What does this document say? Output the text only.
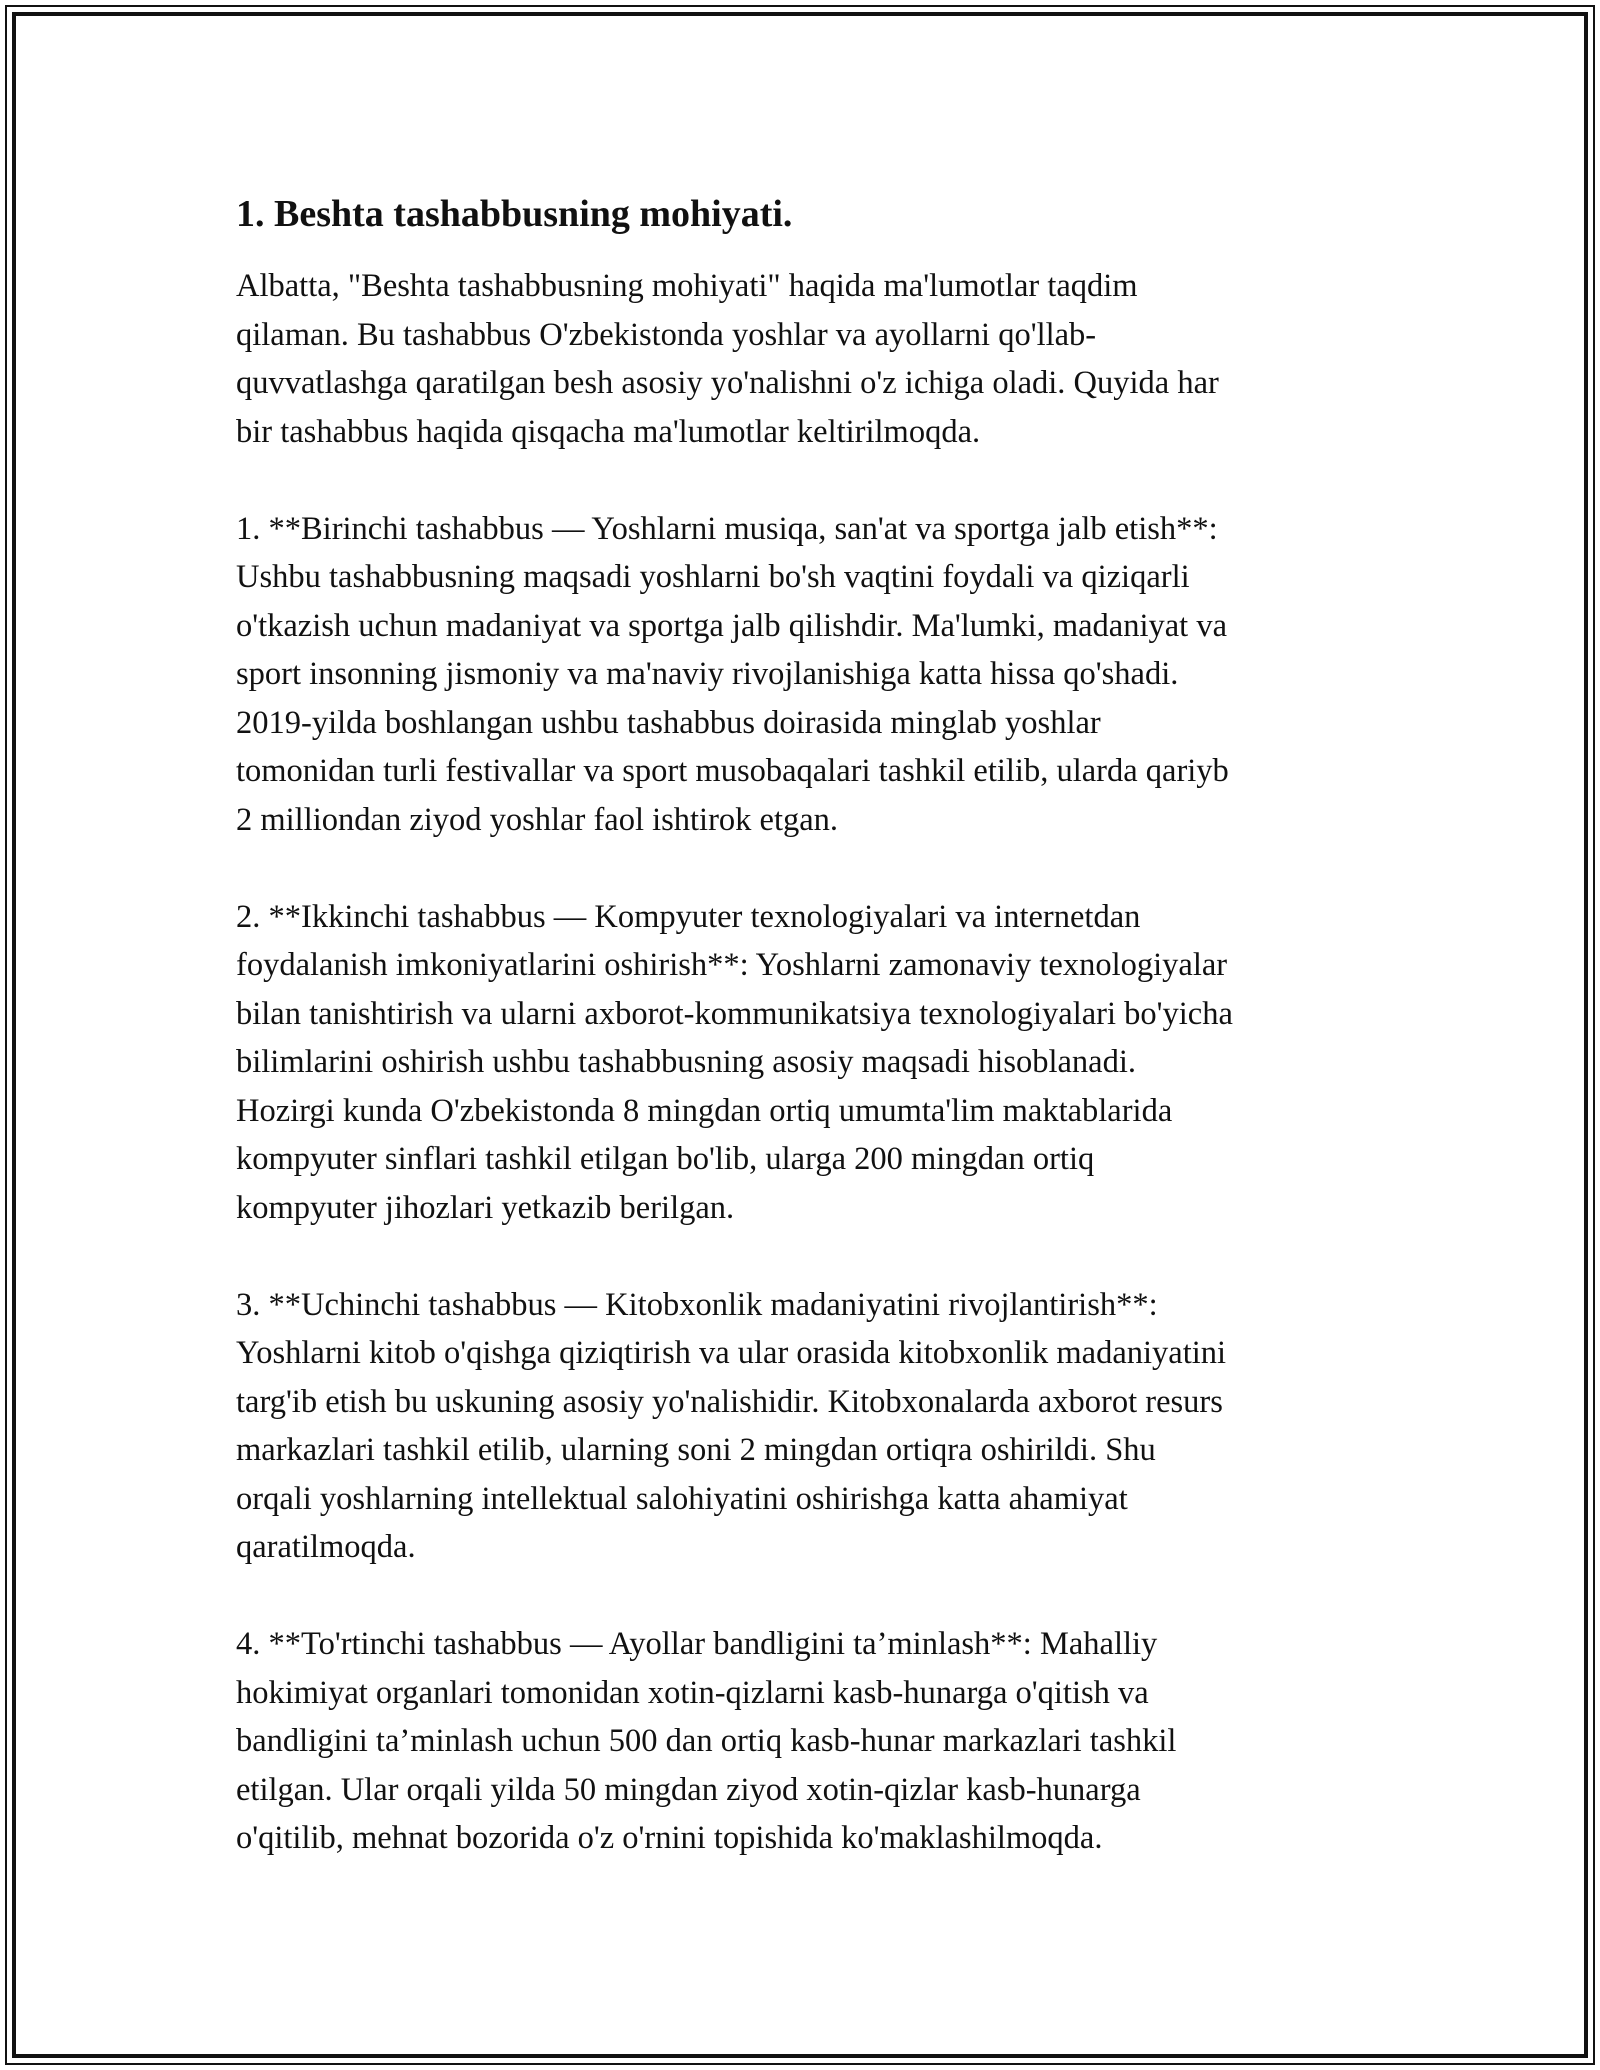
1. Beshta tashabbusning mohiyati.

Albatta, "Beshta tashabbusning mohiyati" haqida ma'lumotlar taqdim
qilaman. Bu tashabbus O'zbekistonda yoshlar va ayollarni qo'llab-
quvvatlashga qaratilgan besh asosiy yo'nalishni o'z ichiga oladi. Quyida har
bir tashabbus haqida qisqacha ma'lumotlar keltirilmoqda.

1. **Birinchi tashabbus — Yoshlarni musiqa, san'at va sportga jalb etish**:
Ushbu tashabbusning maqsadi yoshlarni bo'sh vaqtini foydali va qiziqarli
o'tkazish uchun madaniyat va sportga jalb qilishdir. Ma'lumki, madaniyat va
sport insonning jismoniy va ma'naviy rivojlanishiga katta hissa qo'shadi.
2019-yilda boshlangan ushbu tashabbus doirasida minglab yoshlar
tomonidan turli festivallar va sport musobaqalari tashkil etilib, ularda qariyb
2 milliondan ziyod yoshlar faol ishtirok etgan.

2. **Ikkinchi tashabbus — Kompyuter texnologiyalari va internetdan
foydalanish imkoniyatlarini oshirish**: Yoshlarni zamonaviy texnologiyalar
bilan tanishtirish va ularni axborot-kommunikatsiya texnologiyalari bo'yicha
bilimlarini oshirish ushbu tashabbusning asosiy maqsadi hisoblanadi.
Hozirgi kunda O'zbekistonda 8 mingdan ortiq umumta'lim maktablarida
kompyuter sinflari tashkil etilgan bo'lib, ularga 200 mingdan ortiq
kompyuter jihozlari yetkazib berilgan.

3. **Uchinchi tashabbus — Kitobxonlik madaniyatini rivojlantirish**:
Yoshlarni kitob o'qishga qiziqtirish va ular orasida kitobxonlik madaniyatini
targ'ib etish bu uskuning asosiy yo'nalishidir. Kitobxonalarda axborot resurs
markazlari tashkil etilib, ularning soni 2 mingdan ortiqra oshirildi. Shu
orqali yoshlarning intellektual salohiyatini oshirishga katta ahamiyat
qaratilmoqda.

4. **To'rtinchi tashabbus — Ayollar bandligini ta’minlash**: Mahalliy
hokimiyat organlari tomonidan xotin-qizlarni kasb-hunarga o'qitish va
bandligini ta’minlash uchun 500 dan ortiq kasb-hunar markazlari tashkil
etilgan. Ular orqali yilda 50 mingdan ziyod xotin-qizlar kasb-hunarga
o'qitilib, mehnat bozorida o'z o'rnini topishida ko'maklashilmoqda.
